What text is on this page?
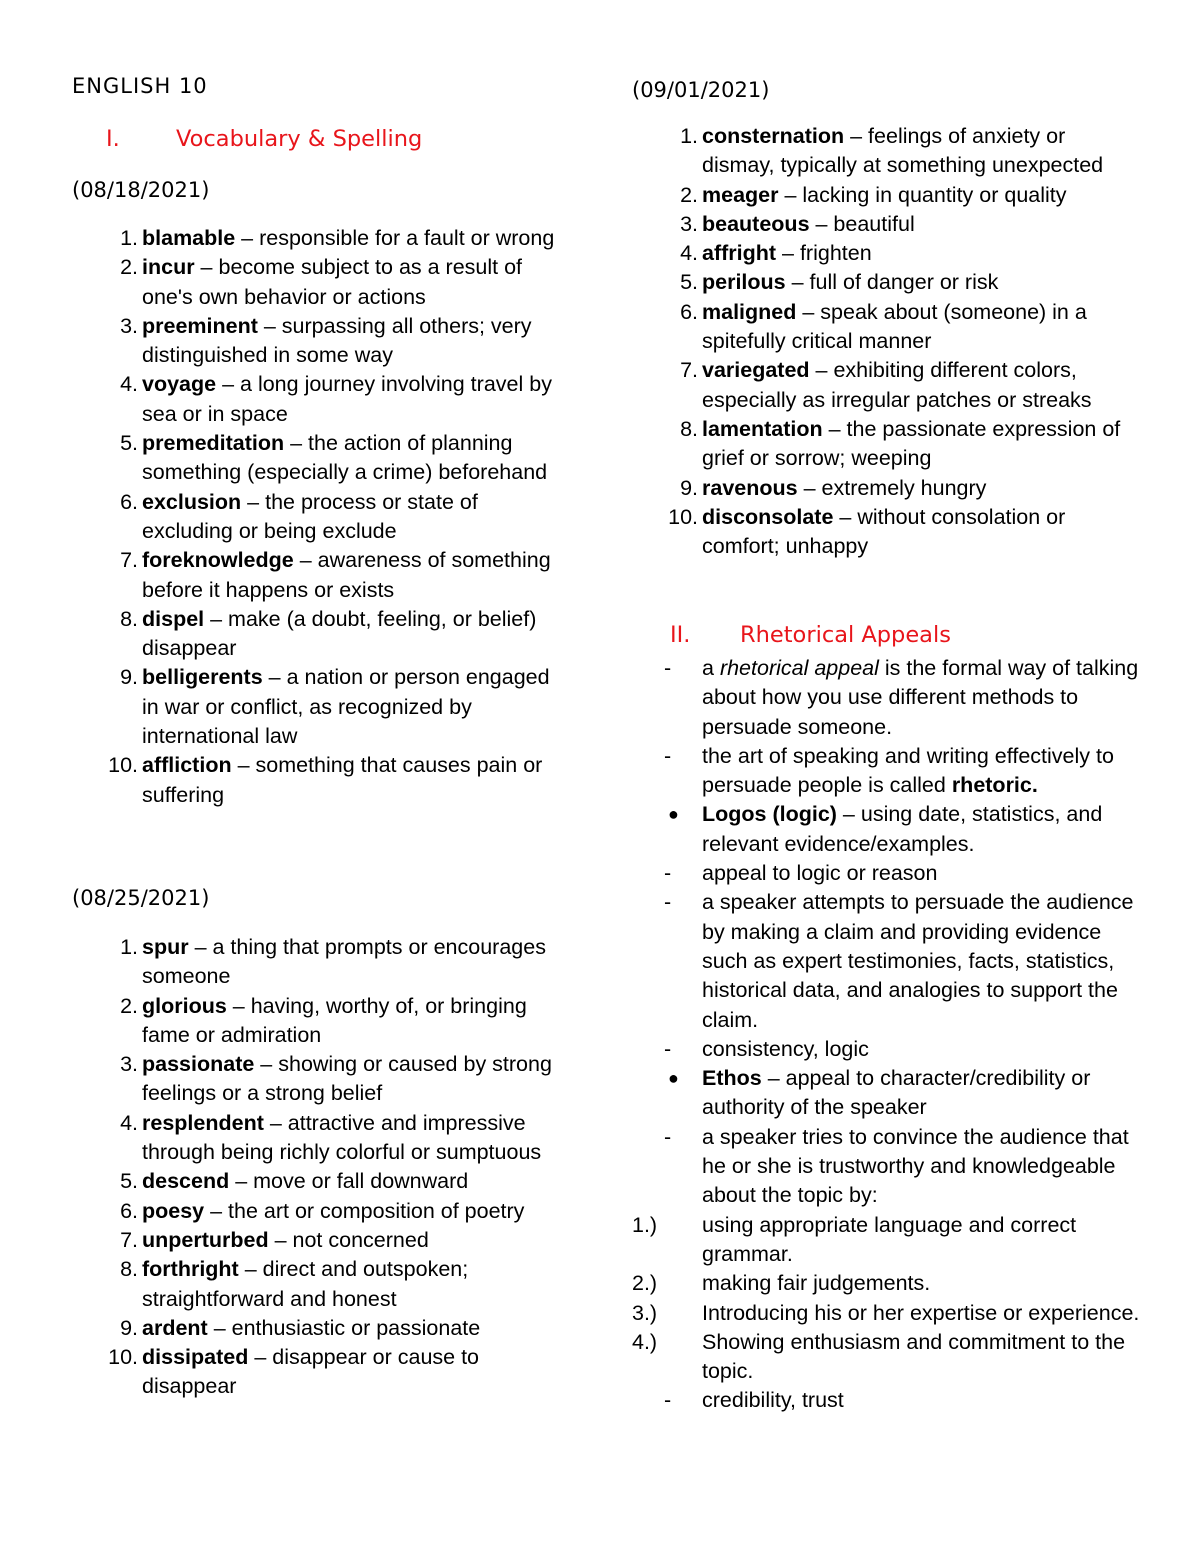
ENGLISH 10
I. Vocabulary & Spelling
(08/18/2021)
1. blamable – responsible for a fault or wrong
2. incur – become subject to as a result of one's own behavior or actions
3. preeminent – surpassing all others; very distinguished in some way
4. voyage – a long journey involving travel by sea or in space
5. premeditation – the action of planning something (especially a crime) beforehand
6. exclusion – the process or state of excluding or being exclude
7. foreknowledge – awareness of something before it happens or exists
8. dispel – make (a doubt, feeling, or belief) disappear
9. belligerents – a nation or person engaged in war or conflict, as recognized by international law
10. affliction – something that causes pain or suffering
(08/25/2021)
1. spur – a thing that prompts or encourages someone
2. glorious – having, worthy of, or bringing fame or admiration
3. passionate – showing or caused by strong feelings or a strong belief
4. resplendent – attractive and impressive through being richly colorful or sumptuous
5. descend – move or fall downward
6. poesy – the art or composition of poetry
7. unperturbed – not concerned
8. forthright – direct and outspoken; straightforward and honest
9. ardent – enthusiastic or passionate
10. dissipated – disappear or cause to disappear
(09/01/2021)
1. consternation – feelings of anxiety or dismay, typically at something unexpected
2. meager – lacking in quantity or quality
3. beauteous – beautiful
4. affright – frighten
5. perilous – full of danger or risk
6. maligned – speak about (someone) in a spitefully critical manner
7. variegated – exhibiting different colors, especially as irregular patches or streaks
8. lamentation – the passionate expression of grief or sorrow; weeping
9. ravenous – extremely hungry
10. disconsolate – without consolation or comfort; unhappy
II. Rhetorical Appeals
-	a rhetorical appeal is the formal way of talking about how you use different methods to persuade someone.
-	the art of speaking and writing effectively to persuade people is called rhetoric.
●	Logos (logic) – using date, statistics, and relevant evidence/examples.
-	appeal to logic or reason
-	a speaker attempts to persuade the audience by making a claim and providing evidence such as expert testimonies, facts, statistics, historical data, and analogies to support the claim.
-	consistency, logic
●	Ethos – appeal to character/credibility or authority of the speaker
-	a speaker tries to convince the audience that he or she is trustworthy and knowledgeable about the topic by:
1.)	using appropriate language and correct grammar.
2.)	making fair judgements.
3.)	Introducing his or her expertise or experience.
4.)	Showing enthusiasm and commitment to the topic.
-	credibility, trust
